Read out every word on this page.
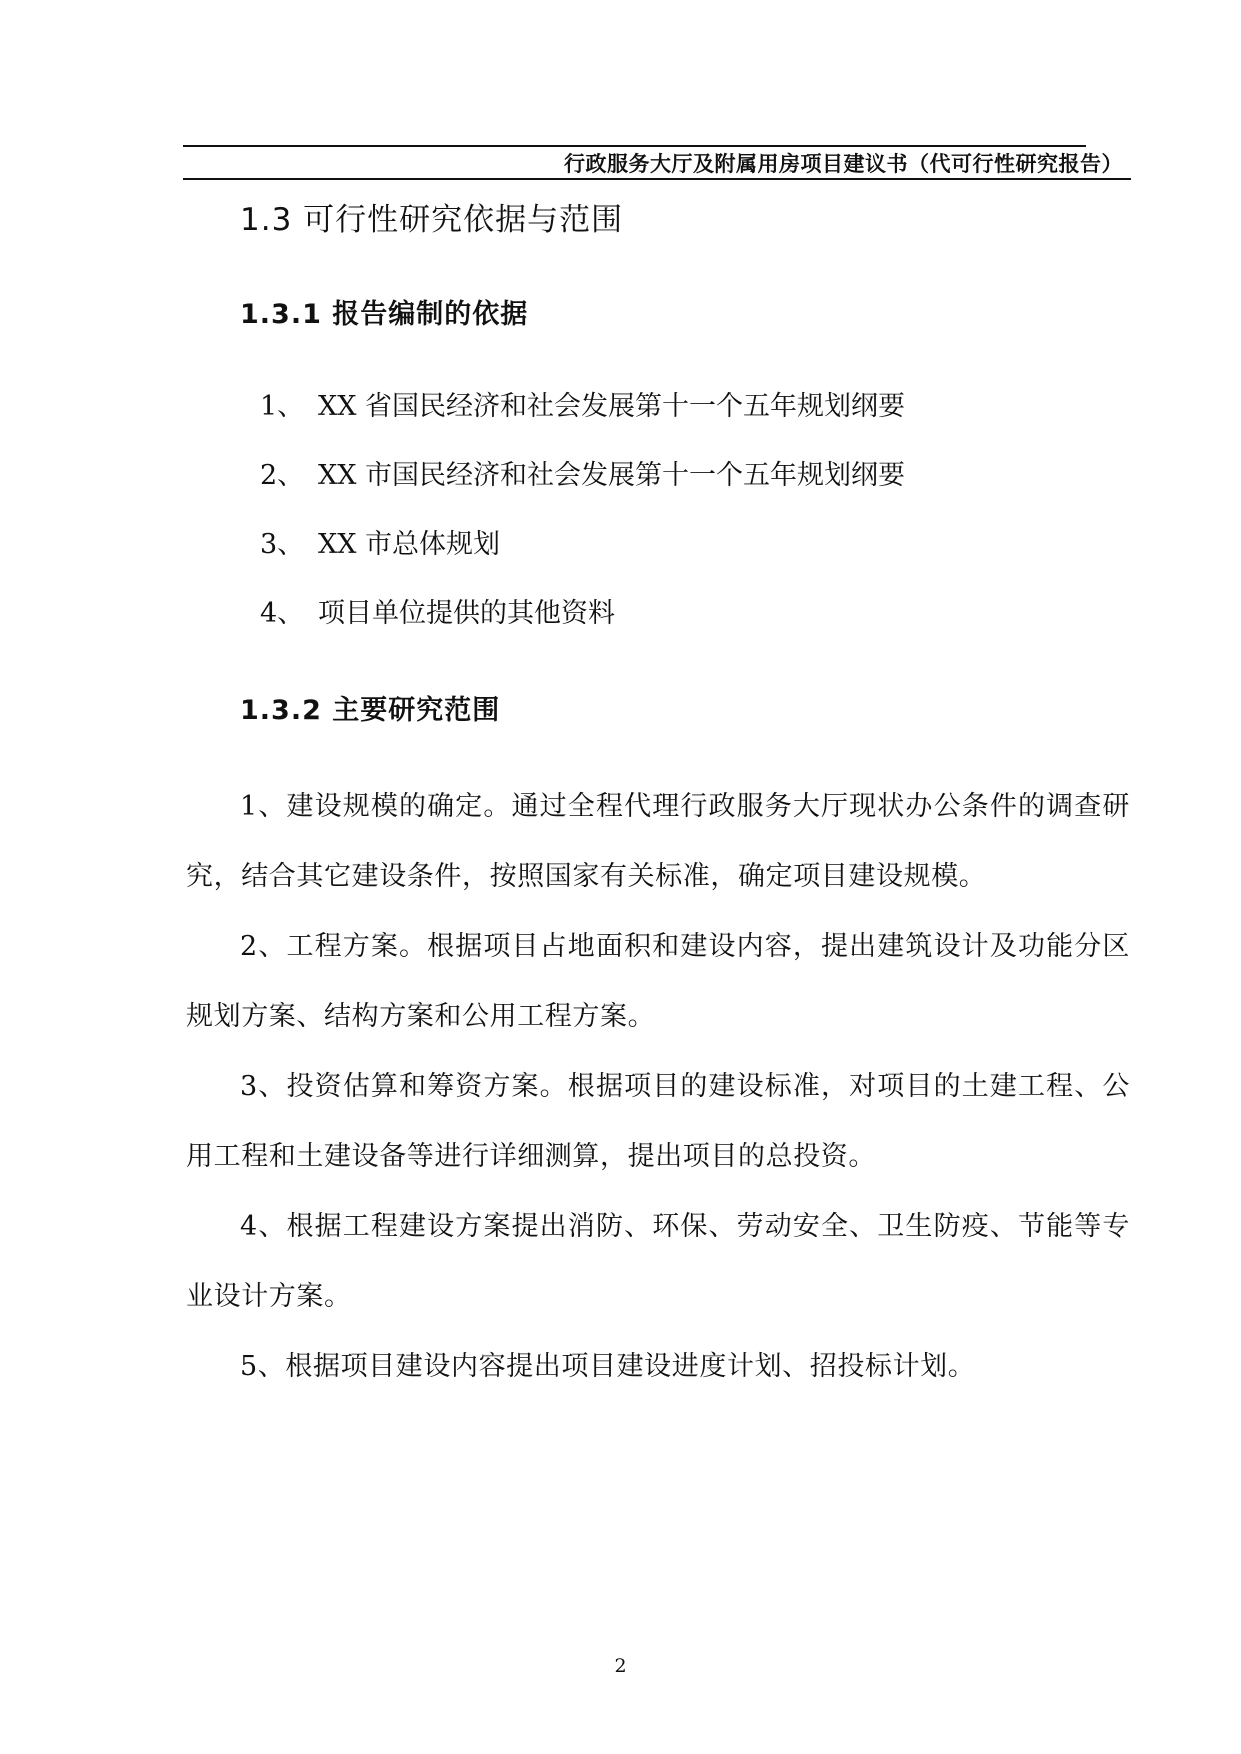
行政服务大厅及附属用房项目建议书（代可行性研究报告）
1.3 可行性研究依据与范围
1.3.1 报告编制的依据
1、 XX 省国民经济和社会发展第十一个五年规划纲要
2、 XX 市国民经济和社会发展第十一个五年规划纲要
3、 XX 市总体规划
4、 项目单位提供的其他资料
1.3.2 主要研究范围

1、建设规模的确定。通过全程代理行政服务大厅现状办公条件的调查研究，结合其它建设条件，按照国家有关标准，确定项目建设规模。

2、工程方案。根据项目占地面积和建设内容，提出建筑设计及功能分区规划方案、结构方案和公用工程方案。

3、投资估算和筹资方案。根据项目的建设标准，对项目的土建工程、公用工程和土建设备等进行详细测算，提出项目的总投资。

4、根据工程建设方案提出消防、环保、劳动安全、卫生防疫、节能等专业设计方案。

5、根据项目建设内容提出项目建设进度计划、招投标计划。

2
